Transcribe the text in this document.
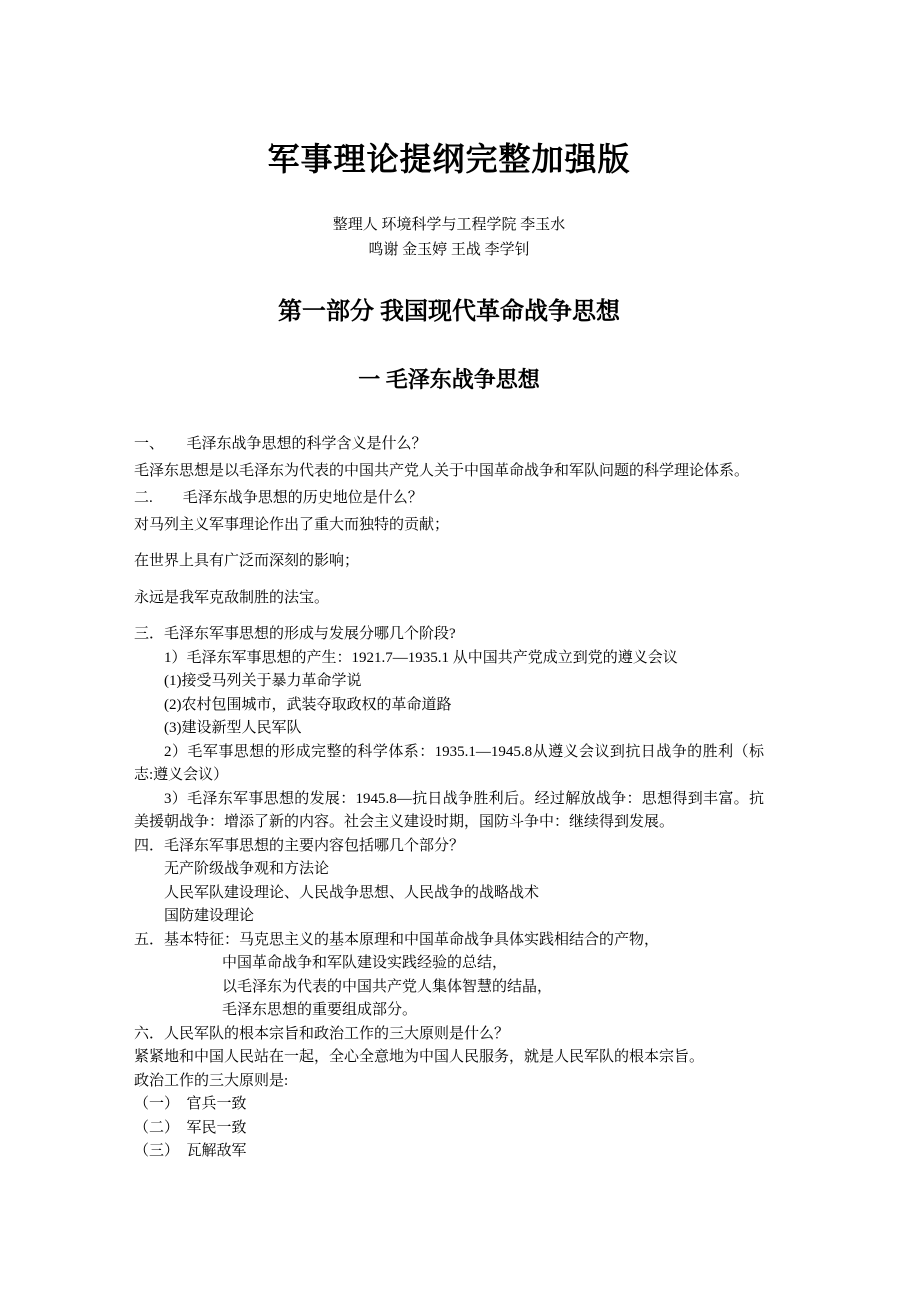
军事理论提纲完整加强版

整理人 环境科学与工程学院 李玉水

鸣谢 金玉婷 王战 李学钊

第一部分 我国现代革命战争思想
一 毛泽东战争思想

一、　　毛泽东战争思想的科学含义是什么？

毛泽东思想是以毛泽东为代表的中国共产党人关于中国革命战争和军队问题的科学理论体系。

二.　　毛泽东战争思想的历史地位是什么？

对马列主义军事理论作出了重大而独特的贡献；

在世界上具有广泛而深刻的影响；

永远是我军克敌制胜的法宝。

三．毛泽东军事思想的形成与发展分哪几个阶段?

1）毛泽东军事思想的产生：1921.7—1935.1 从中国共产党成立到党的遵义会议

(1)接受马列关于暴力革命学说

(2)农村包围城市，武装夺取政权的革命道路

(3)建设新型人民军队

2）毛军事思想的形成完整的科学体系：1935.1—1945.8从遵义会议到抗日战争的胜利（标志:遵义会议）

3）毛泽东军事思想的发展：1945.8—抗日战争胜利后。经过解放战争：思想得到丰富。抗美援朝战争：增添了新的内容。社会主义建设时期，国防斗争中：继续得到发展。

四．毛泽东军事思想的主要内容包括哪几个部分？

无产阶级战争观和方法论

人民军队建设理论、人民战争思想、人民战争的战略战术

国防建设理论

五．基本特征：马克思主义的基本原理和中国革命战争具体实践相结合的产物，

中国革命战争和军队建设实践经验的总结，

以毛泽东为代表的中国共产党人集体智慧的结晶，

毛泽东思想的重要组成部分。

六．人民军队的根本宗旨和政治工作的三大原则是什么？

紧紧地和中国人民站在一起，全心全意地为中国人民服务，就是人民军队的根本宗旨。

政治工作的三大原则是:

（一）　官兵一致

（二）　军民一致

（三）　瓦解敌军
